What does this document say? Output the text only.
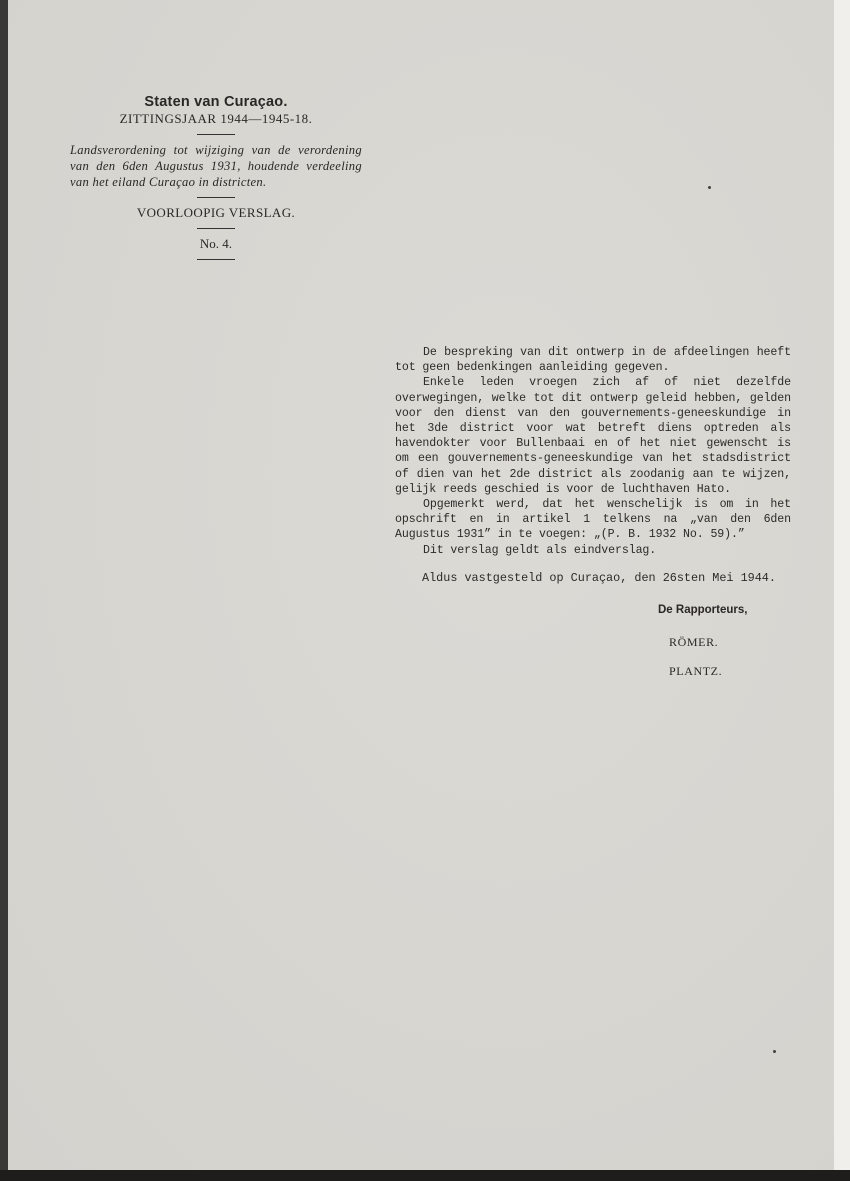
Staten van Curaçao.
ZITTINGSJAAR 1944—1945-18.
Landsverordening tot wijziging van de verordening van den 6den Augustus 1931, houdende verdeeling van het eiland Curaçao in districten.
VOORLOOPIG VERSLAG.
No. 4.

De bespreking van dit ontwerp in de afdeelingen heeft tot geen bedenkingen aanleiding gegeven.

Enkele leden vroegen zich af of niet dezelfde overwegingen, welke tot dit ontwerp geleid hebben, gelden voor den dienst van den gouvernements-geneeskundige in het 3de district voor wat betreft diens optreden als havendokter voor Bullenbaai en of het niet gewenscht is om een gouvernements-geneeskundige van het stadsdistrict of dien van het 2de district als zoodanig aan te wijzen, gelijk reeds geschied is voor de luchthaven Hato.

Opgemerkt werd, dat het wenschelijk is om in het opschrift en in artikel 1 telkens na „van den 6den Augustus 1931” in te voegen: „(P. B. 1932 No. 59).”

Dit verslag geldt als eindverslag.

Aldus vastgesteld op Curaçao, den 26sten Mei 1944.
De Rapporteurs,
RÖMER.
PLANTZ.
